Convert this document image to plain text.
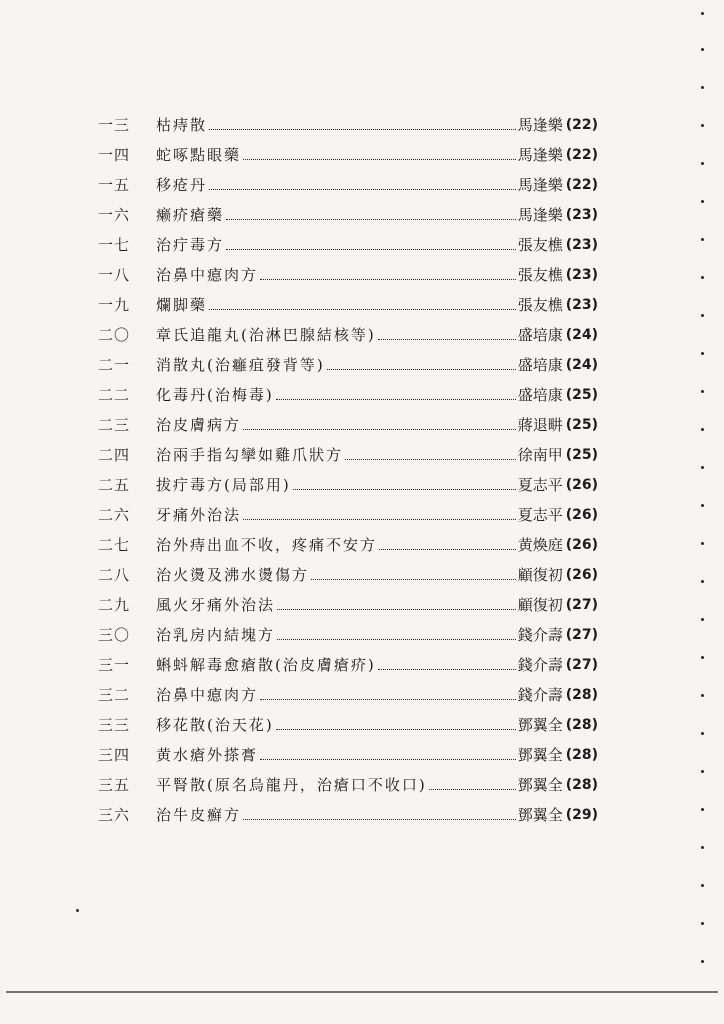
一三	枯痔散	馬逢樂 (22)
一四	蛇啄點眼藥	馬逢樂 (22)
一五	移疮丹	馬逢樂 (22)
一六	癞疥瘡藥	馬逢樂 (23)
一七	治疔毒方	張友樵 (23)
一八	治鼻中瘜肉方	張友樵 (23)
一九	爛脚藥	張友樵 (23)
二〇	章氏追龍丸(治淋巴腺結核等)	盛培康 (24)
二一	消散丸(治癰疽發背等)	盛培康 (24)
二二	化毒丹(治梅毒)	盛培康 (25)
二三	治皮膚病方	蔣退畊 (25)
二四	治兩手指勾攣如雞爪狀方	徐南甲 (25)
二五	拔疔毒方(局部用)	夏志平 (26)
二六	牙痛外治法	夏志平 (26)
二七	治外痔出血不收，疼痛不安方	黄煥庭 (26)
二八	治火燙及沸水燙傷方	顧復初 (26)
二九	風火牙痛外治法	顧復初 (27)
三〇	治乳房内結塊方	錢介壽 (27)
三一	蝌蚪解毒愈瘡散(治皮膚瘡疥)	錢介壽 (27)
三二	治鼻中瘜肉方	錢介壽 (28)
三三	移花散(治天花)	鄧翼全 (28)
三四	黄水瘡外搽膏	鄧翼全 (28)
三五	平腎散(原名烏龍丹，治瘡口不收口)	鄧翼全 (28)
三六	治牛皮癬方	鄧翼全 (29)
